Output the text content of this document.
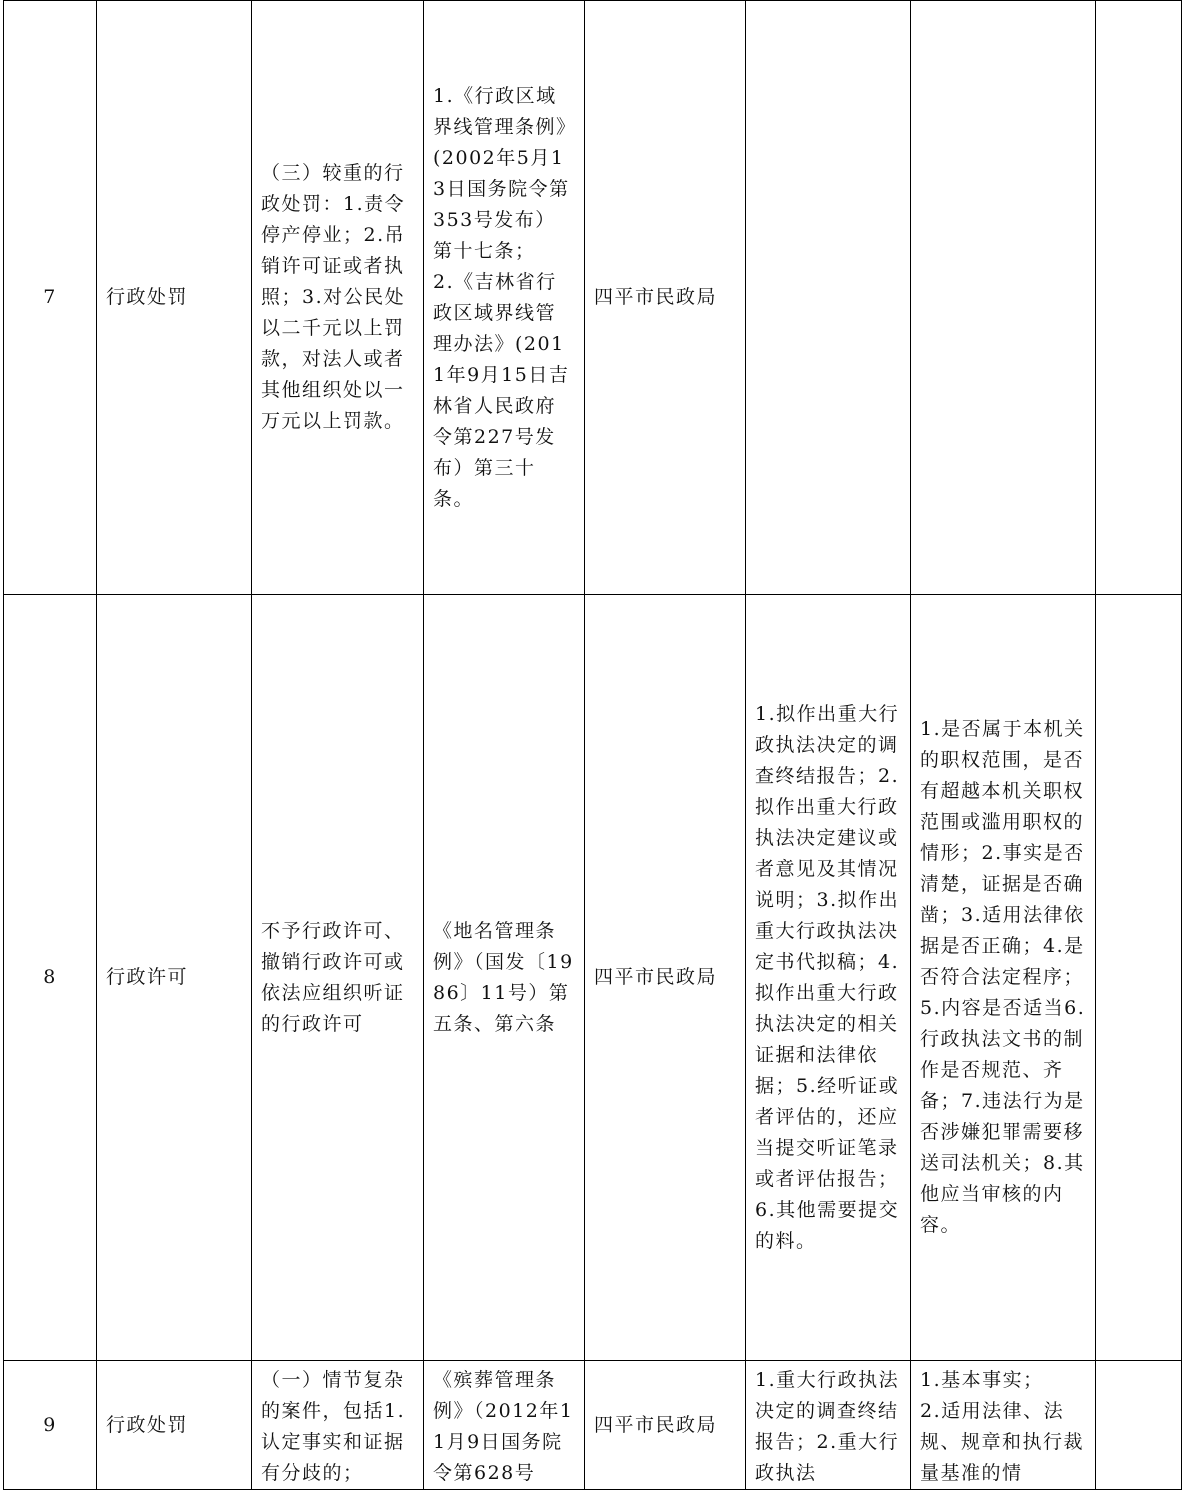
7	行政处罚	（三）较重的行政处罚：1.责令停产停业；2.吊销许可证或者执照；3.对公民处以二千元以上罚款，对法人或者其他组织处以一万元以上罚款。	1.《行政区域界线管理条例》(2002年5月13日国务院令第353号发布）第十七条；
2.《吉林省行政区域界线管理办法》(2011年9月15日吉林省人民政府令第227号发布）第三十条。	四平市民政局	

8	行政许可	不予行政许可、撤销行政许可或依法应组织听证的行政许可	《地名管理条例》（国发〔1986〕11号）第五条、第六条	四平市民政局	1.拟作出重大行政执法决定的调查终结报告；2.拟作出重大行政执法决定建议或者意见及其情况说明；3.拟作出重大行政执法决定书代拟稿；4.拟作出重大行政执法决定的相关证据和法律依据；5.经听证或者评估的，还应当提交听证笔录或者评估报告；6.其他需要提交的料。	1.是否属于本机关的职权范围，是否有超越本机关职权范围或滥用职权的情形；2.事实是否清楚，证据是否确凿；3.适用法律依据是否正确；4.是否符合法定程序；5.内容是否适当6.行政执法文书的制作是否规范、齐备；7.违法行为是否涉嫌犯罪需要移送司法机关；8.其他应当审核的内容。	

9	行政处罚	（一）情节复杂的案件，包括1.认定事实和证据有分歧的；	《殡葬管理条例》（2012年11月9日国务院令第628号	四平市民政局	1.重大行政执法决定的调查终结报告；2.重大行政执法	1.基本事实；
2.适用法律、法规、规章和执行裁量基准的情	
